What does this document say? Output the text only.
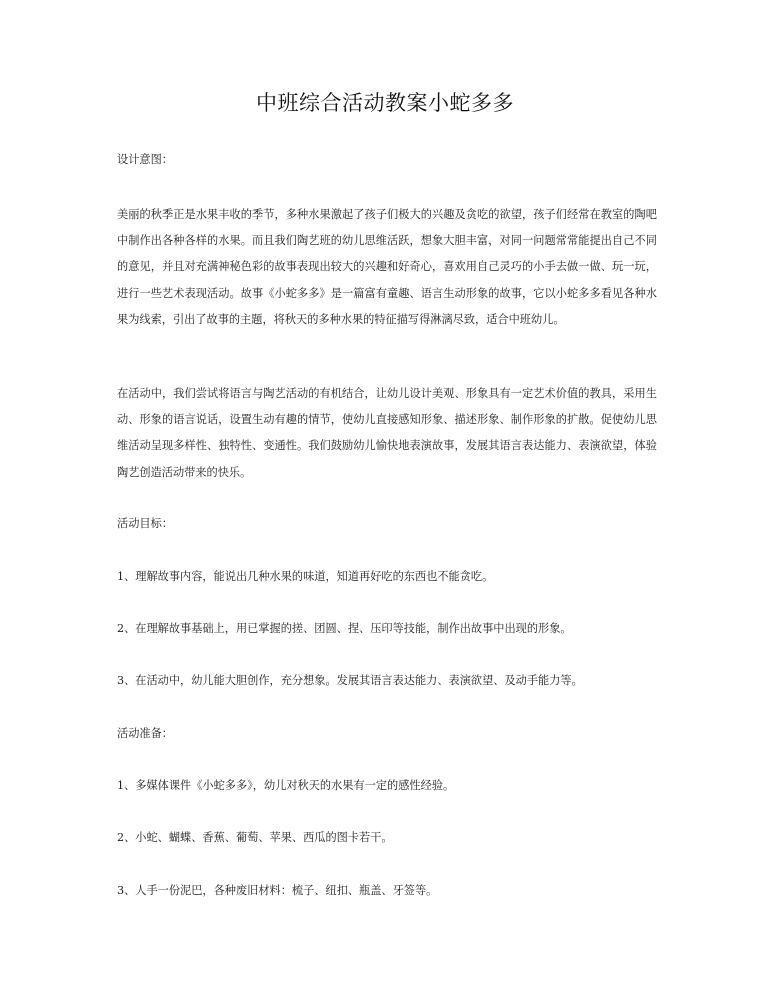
中班综合活动教案小蛇多多

设计意图：

美丽的秋季正是水果丰收的季节，多种水果激起了孩子们极大的兴趣及贪吃的欲望，孩子们经常在教室的陶吧中制作出各种各样的水果。而且我们陶艺班的幼儿思维活跃，想象大胆丰富，对同一问题常常能提出自己不同的意见，并且对充满神秘色彩的故事表现出较大的兴趣和好奇心，喜欢用自己灵巧的小手去做一做、玩一玩，进行一些艺术表现活动。故事《小蛇多多》是一篇富有童趣、语言生动形象的故事，它以小蛇多多看见各种水果为线索，引出了故事的主题，将秋天的多种水果的特征描写得淋漓尽致，适合中班幼儿。

在活动中，我们尝试将语言与陶艺活动的有机结合，让幼儿设计美观、形象具有一定艺术价值的教具，采用生动、形象的语言说话，设置生动有趣的情节，使幼儿直接感知形象、描述形象、制作形象的扩散。促使幼儿思维活动呈现多样性、独特性、变通性。我们鼓励幼儿愉快地表演故事，发展其语言表达能力、表演欲望，体验陶艺创造活动带来的快乐。

活动目标：

1、理解故事内容，能说出几种水果的味道，知道再好吃的东西也不能贪吃。

2、在理解故事基础上，用已掌握的搓、团圆、捏、压印等技能，制作出故事中出现的形象。

3、在活动中，幼儿能大胆创作，充分想象。发展其语言表达能力、表演欲望、及动手能力等。

活动准备：

1、多媒体课件《小蛇多多》，幼儿对秋天的水果有一定的感性经验。

2、小蛇、蝴蝶、香蕉、葡萄、苹果、西瓜的图卡若干。

3、人手一份泥巴，各种废旧材料：梳子、纽扣、瓶盖、牙签等。
